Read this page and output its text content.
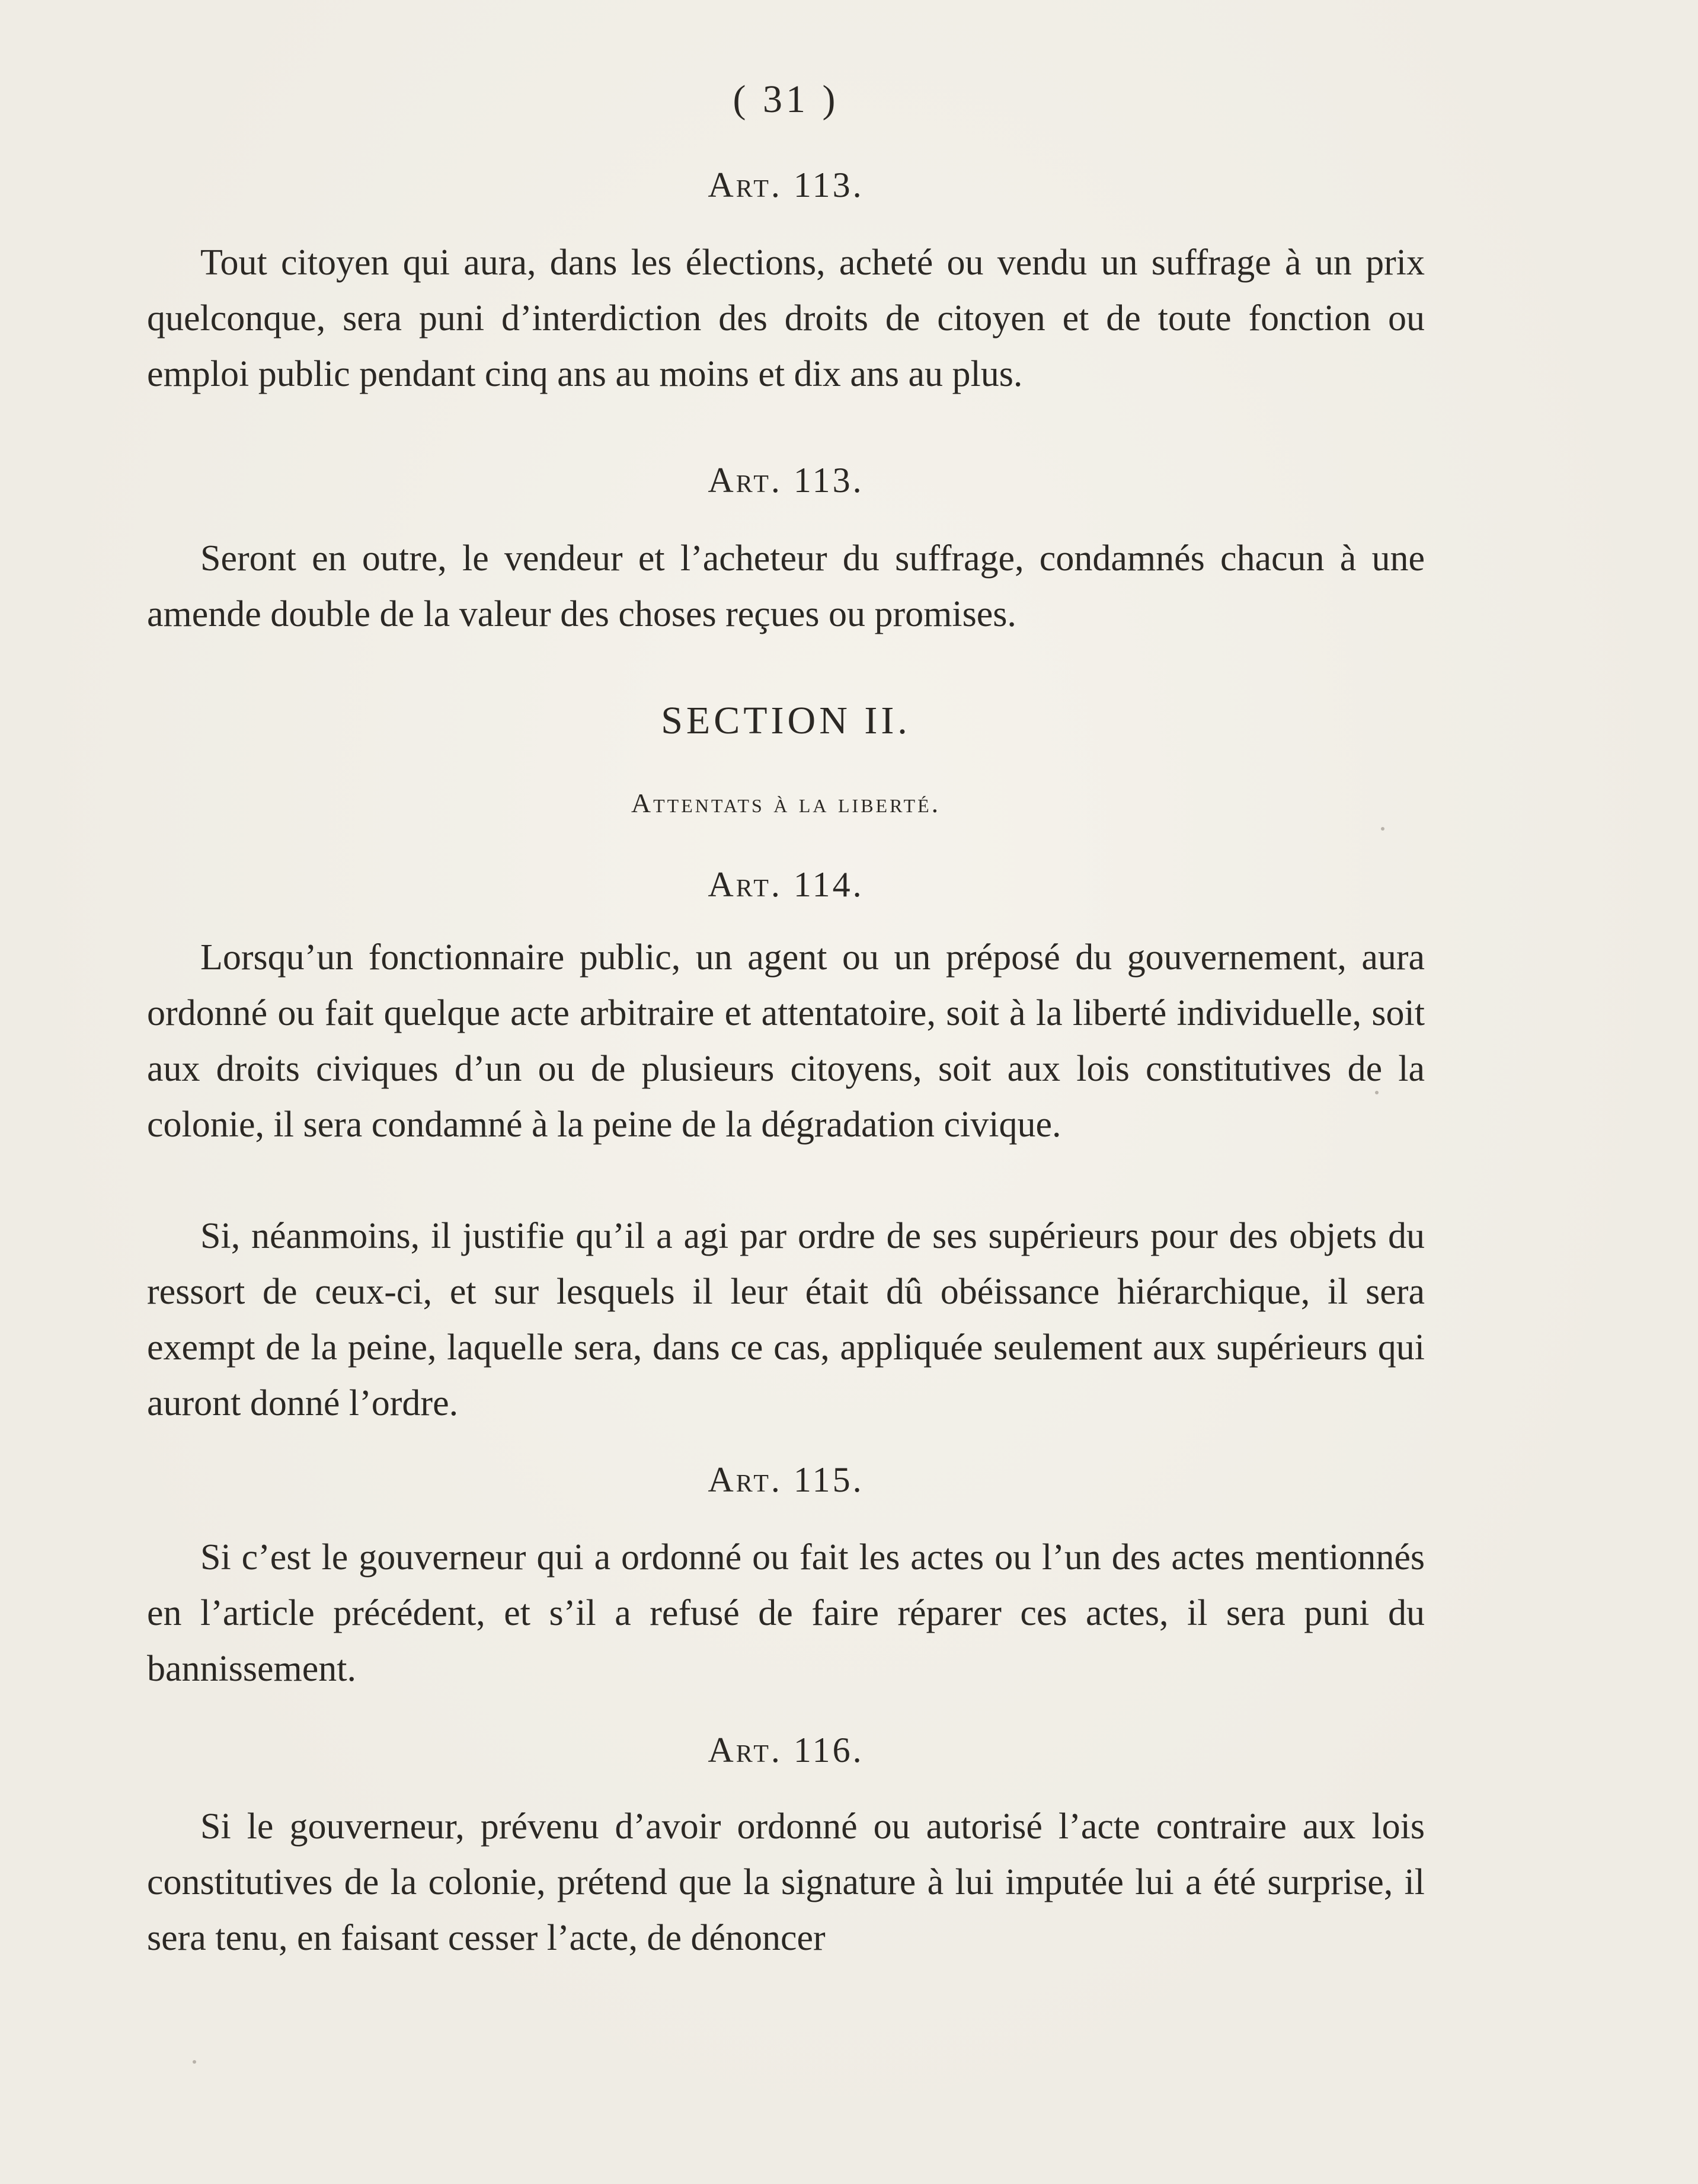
( 31 )
Art. 113.

Tout citoyen qui aura, dans les élections, acheté ou vendu un suffrage à un prix quelconque, sera puni d’interdiction des droits de citoyen et de toute fonction ou emploi public pendant cinq ans au moins et dix ans au plus.

Art. 113.

Seront en outre, le vendeur et l’acheteur du suffrage, condamnés chacun à une amende double de la valeur des choses reçues ou promises.

SECTION II.
Attentats à la liberté.
Art. 114.

Lorsqu’un fonctionnaire public, un agent ou un préposé du gouvernement, aura ordonné ou fait quelque acte arbitraire et attentatoire, soit à la liberté individuelle, soit aux droits civiques d’un ou de plusieurs citoyens, soit aux lois constitutives de la colonie, il sera condamné à la peine de la dégradation civique.

Si, néanmoins, il justifie qu’il a agi par ordre de ses supérieurs pour des objets du ressort de ceux-ci, et sur lesquels il leur était dû obéissance hiérarchique, il sera exempt de la peine, laquelle sera, dans ce cas, appliquée seulement aux supérieurs qui auront donné l’ordre.

Art. 115.

Si c’est le gouverneur qui a ordonné ou fait les actes ou l’un des actes mentionnés en l’article précédent, et s’il a refusé de faire réparer ces actes, il sera puni du bannissement.

Art. 116.

Si le gouverneur, prévenu d’avoir ordonné ou autorisé l’acte contraire aux lois constitutives de la colonie, prétend que la signature à lui imputée lui a été surprise, il sera tenu, en faisant cesser l’acte, de dénoncer
